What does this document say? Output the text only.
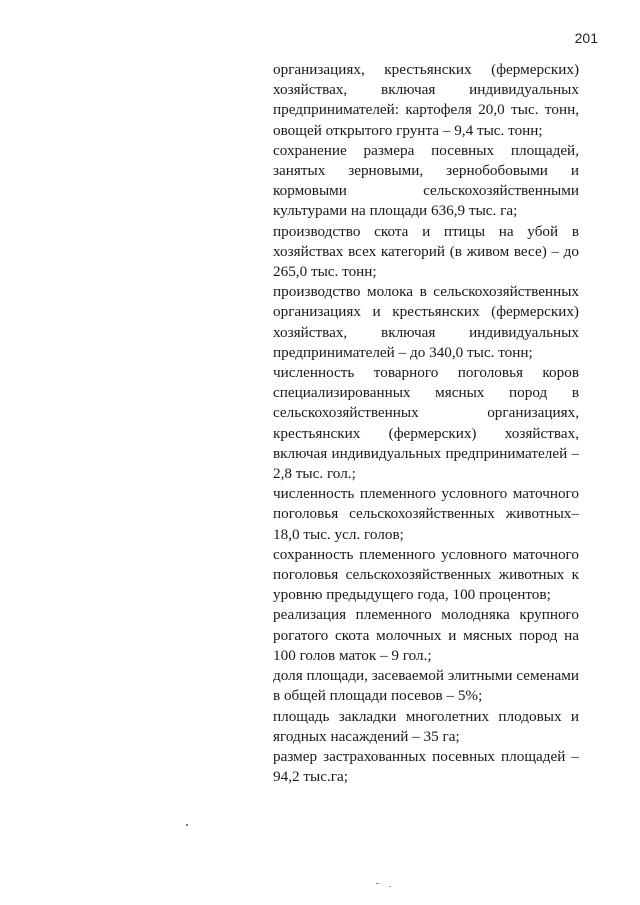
201

организациях, крестьянских (фермерских) хозяйствах, включая индивидуальных предпринимателей: картофеля 20,0 тыс. тонн, овощей открытого грунта – 9,4 тыс. тонн;

сохранение размера посевных площадей, занятых зерновыми, зернобобовыми и кормовыми сельскохозяйственными культурами на площади 636,9 тыс. га;

производство скота и птицы на убой в хозяйствах всех категорий (в живом весе) – до 265,0 тыс. тонн;

производство молока в сельскохозяйственных организациях и крестьянских (фермерских) хозяйствах, включая индивидуальных предпринимателей – до 340,0 тыс. тонн;

численность товарного поголовья коров специализированных мясных пород в сельскохозяйственных организациях, крестьянских (фермерских) хозяйствах, включая индивидуальных предпринимателей – 2,8 тыс. гол.;

численность племенного условного маточного поголовья сельскохозяйственных животных– 18,0 тыс. усл. голов;

сохранность племенного условного маточного поголовья сельскохозяйственных животных к уровню предыдущего года, 100 процентов;

реализация племенного молодняка крупного рогатого скота молочных и мясных пород на 100 голов маток – 9 гол.;

доля площади, засеваемой элитными семенами в общей площади посевов – 5%;

площадь закладки многолетних плодовых и ягодных насаждений – 35 га;

размер застрахованных посевных площадей – 94,2 тыс.га;
